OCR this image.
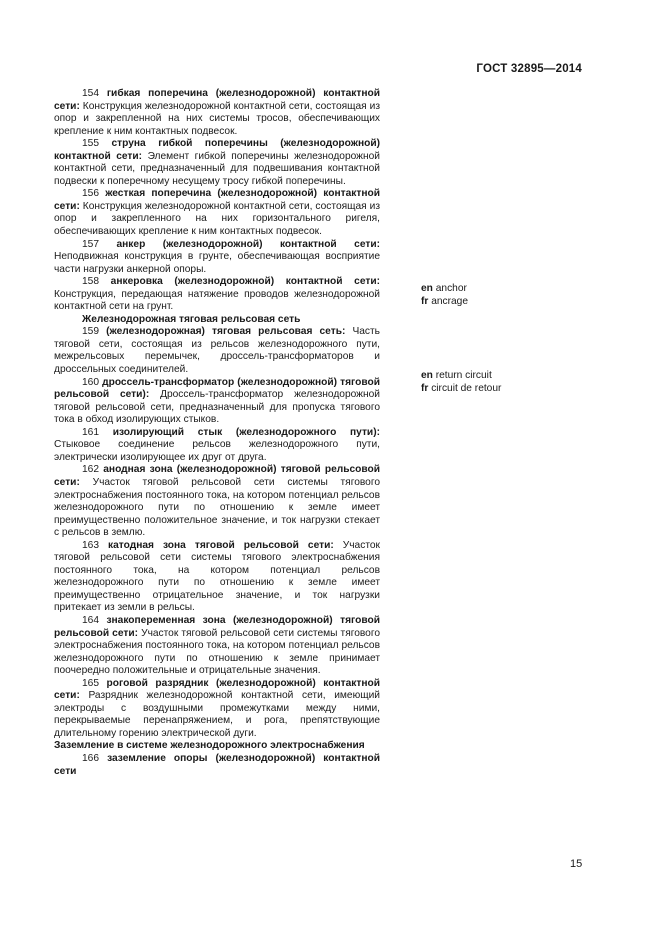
ГОСТ 32895—2014

154 гибкая поперечина (железнодорожной) контактной сети: Конструкция железнодорожной контактной сети, состоящая из опор и закрепленной на них системы тросов, обеспечивающих крепление к ним контактных подвесок.

155 струна гибкой поперечины (железнодорожной) контактной сети: Элемент гибкой поперечины железнодорожной контактной сети, предназначенный для подвешивания контактной подвески к поперечному несущему тросу гибкой поперечины.

156 жесткая поперечина (железнодорожной) контактной сети: Конструкция железнодорожной контактной сети, состоящая из опор и закрепленного на них горизонтального ригеля, обеспечивающих крепление к ним контактных подвесок.

157 анкер (железнодорожной) контактной сети: Неподвижная конструкция в грунте, обеспечивающая восприятие части нагрузки анкерной опоры.

158 анкеровка (железнодорожной) контактной сети: Конструкция, передающая натяжение проводов железнодорожной контактной сети на грунт.

Железнодорожная тяговая рельсовая сеть

159 (железнодорожная) тяговая рельсовая сеть: Часть тяговой сети, состоящая из рельсов железнодорожного пути, межрельсовых перемычек, дроссель-трансформаторов и дроссельных соединителей.

160 дроссель-трансформатор (железнодорожной) тяговой рельсовой сети): Дроссель-трансформатор железнодорожной тяговой рельсовой сети, предназначенный для пропуска тягового тока в обход изолирующих стыков.

161 изолирующий стык (железнодорожного пути): Стыковое соединение рельсов железнодорожного пути, электрически изолирующее их друг от друга.

162 анодная зона (железнодорожной) тяговой рельсовой сети: Участок тяговой рельсовой сети системы тягового электроснабжения постоянного тока, на котором потенциал рельсов железнодорожного пути по отношению к земле имеет преимущественно положительное значение, и ток нагрузки стекает с рельсов в землю.

163 катодная зона тяговой рельсовой сети: Участок тяговой рельсовой сети системы тягового электроснабжения постоянного тока, на котором потенциал рельсов железнодорожного пути по отношению к земле имеет преимущественно отрицательное значение, и ток нагрузки притекает из земли в рельсы.

164 знакопеременная зона (железнодорожной) тяговой рельсовой сети: Участок тяговой рельсовой сети системы тягового электроснабжения постоянного тока, на котором потенциал рельсов железнодорожного пути по отношению к земле принимает поочередно положительные и отрицательные значения.

165 роговой разрядник (железнодорожной) контактной сети: Разрядник железнодорожной контактной сети, имеющий электроды с воздушными промежутками между ними, перекрываемые перенапряжением, и рога, препятствующие длительному горению электрической дуги.

Заземление в системе железнодорожного электроснабжения

166 заземление опоры (железнодорожной) контактной сети

en anchor
fr ancrage
en return circuit
fr circuit de retour
15
